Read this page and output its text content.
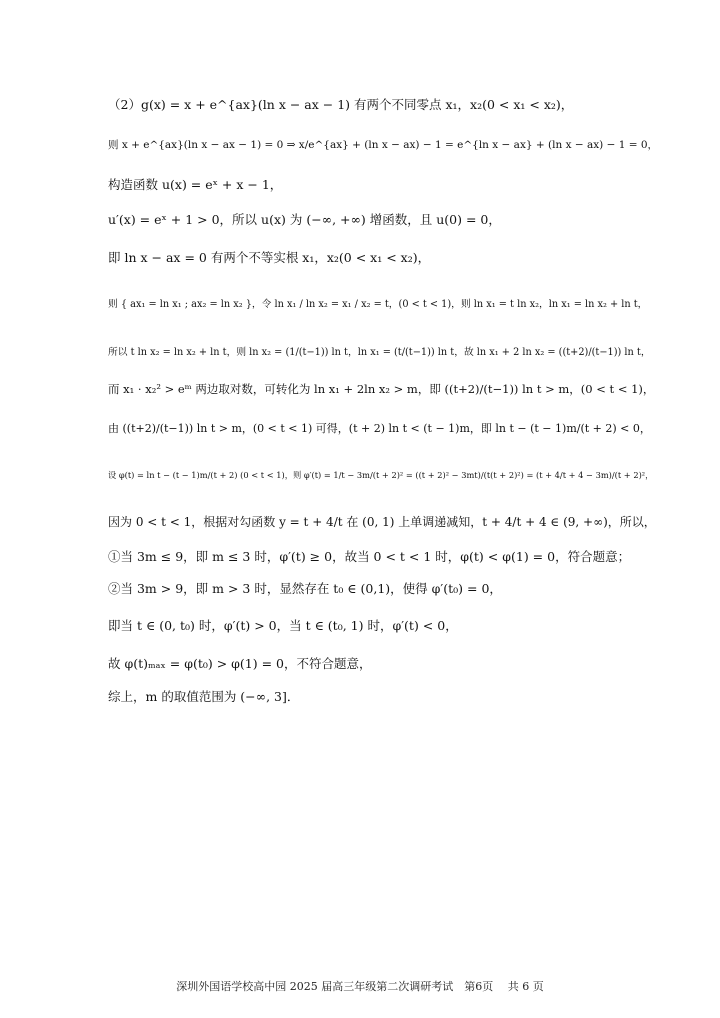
（2）g(x) = x + e^{ax}(ln x − ax − 1) 有两个不同零点 x₁，x₂(0 < x₁ < x₂)，
则 x + e^{ax}(ln x − ax − 1) = 0 ⇒ x/e^{ax} + (ln x − ax) − 1 = e^{ln x − ax} + (ln x − ax) − 1 = 0，
构造函数 u(x) = eˣ + x − 1，
u′(x) = eˣ + 1 > 0，所以 u(x) 为 (−∞, +∞) 增函数，且 u(0) = 0，
即 ln x − ax = 0 有两个不等实根 x₁，x₂(0 < x₁ < x₂)，
则 { ax₁ = ln x₁ ; ax₂ = ln x₂ }，令 ln x₁ / ln x₂ = x₁ / x₂ = t，(0 < t < 1)，则 ln x₁ = t ln x₂，ln x₁ = ln x₂ + ln t，
所以 t ln x₂ = ln x₂ + ln t，则 ln x₂ = (1/(t−1)) ln t，ln x₁ = (t/(t−1)) ln t，故 ln x₁ + 2 ln x₂ = ((t+2)/(t−1)) ln t，
而 x₁ · x₂² > eᵐ 两边取对数，可转化为 ln x₁ + 2ln x₂ > m，即 ((t+2)/(t−1)) ln t > m，(0 < t < 1)，
由 ((t+2)/(t−1)) ln t > m，(0 < t < 1) 可得，(t + 2) ln t < (t − 1)m，即 ln t − (t − 1)m/(t + 2) < 0，
设 φ(t) = ln t − (t − 1)m/(t + 2) (0 < t < 1)，则 φ′(t) = 1/t − 3m/(t + 2)² = ((t + 2)² − 3mt)/(t(t + 2)²) = (t + 4/t + 4 − 3m)/(t + 2)²，
因为 0 < t < 1，根据对勾函数 y = t + 4/t 在 (0, 1) 上单调递减知，t + 4/t + 4 ∈ (9, +∞)，所以，
①当 3m ≤ 9，即 m ≤ 3 时，φ′(t) ≥ 0，故当 0 < t < 1 时，φ(t) < φ(1) = 0，符合题意；
②当 3m > 9，即 m > 3 时，显然存在 t₀ ∈ (0,1)，使得 φ′(t₀) = 0，
即当 t ∈ (0, t₀) 时，φ′(t) > 0，当 t ∈ (t₀, 1) 时，φ′(t) < 0，
故 φ(t)ₘₐₓ = φ(t₀) > φ(1) = 0，不符合题意，
综上，m 的取值范围为 (−∞, 3]．
深圳外国语学校高中园 2025 届高三年级第二次调研考试　第6页　 共 6 页
